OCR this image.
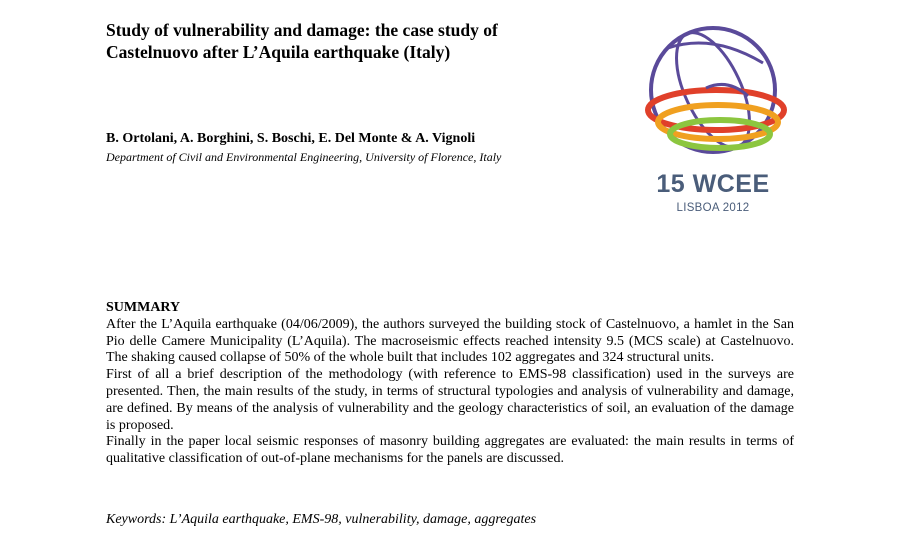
Study of vulnerability and damage: the case study of
Castelnuovo after L’Aquila earthquake (Italy)
B. Ortolani, A. Borghini, S. Boschi, E. Del Monte & A. Vignoli
Department of Civil and Environmental Engineering, University of Florence, Italy
15 WCEE
LISBOA 2012
SUMMARY

After the L’Aquila earthquake (04/06/2009), the authors surveyed the building stock of Castelnuovo, a hamlet in the San Pio delle Camere Municipality (L’Aquila). The macroseismic effects reached intensity 9.5 (MCS scale) at Castelnuovo. The shaking caused collapse of 50% of the whole built that includes 102 aggregates and 324 structural units.

First of all a brief description of the methodology (with reference to EMS-98 classification) used in the surveys are presented. Then, the main results of the study, in terms of structural typologies and analysis of vulnerability and damage, are defined. By means of the analysis of vulnerability and the geology characteristics of soil, an evaluation of the damage is proposed.

Finally in the paper local seismic responses of masonry building aggregates are evaluated: the main results in terms of qualitative classification of out-of-plane mechanisms for the panels are discussed.

Keywords: L’Aquila earthquake, EMS-98, vulnerability, damage, aggregates
